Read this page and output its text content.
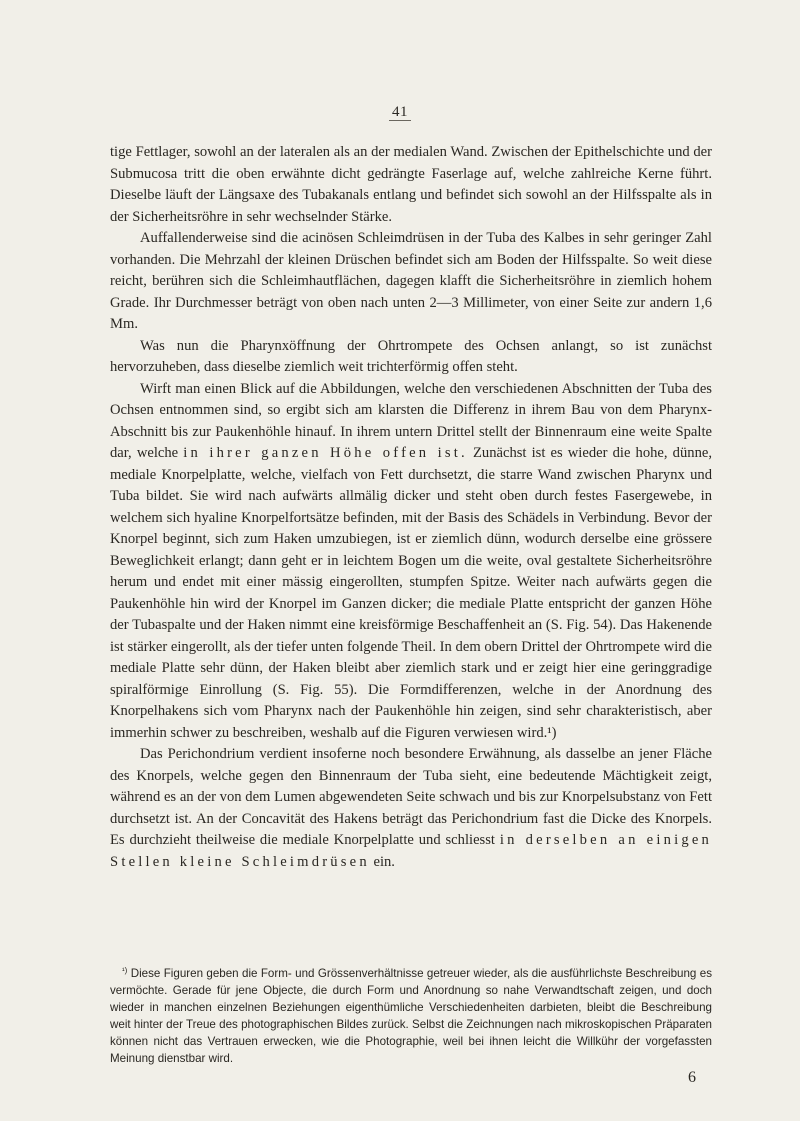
41

tige Fettlager, sowohl an der lateralen als an der medialen Wand. Zwischen der Epithelschichte und der Submucosa tritt die oben erwähnte dicht gedrängte Faserlage auf, welche zahlreiche Kerne führt. Dieselbe läuft der Längsaxe des Tubakanals entlang und befindet sich sowohl an der Hilfsspalte als in der Sicherheitsröhre in sehr wechselnder Stärke.

Auffallenderweise sind die acinösen Schleimdrüsen in der Tuba des Kalbes in sehr geringer Zahl vorhanden. Die Mehrzahl der kleinen Drüschen befindet sich am Boden der Hilfsspalte. So weit diese reicht, berühren sich die Schleimhautflächen, dagegen klafft die Sicherheitsröhre in ziemlich hohem Grade. Ihr Durchmesser beträgt von oben nach unten 2—3 Millimeter, von einer Seite zur andern 1,6 Mm.

Was nun die Pharynxöffnung der Ohrtrompete des Ochsen anlangt, so ist zunächst hervorzuheben, dass dieselbe ziemlich weit trichterförmig offen steht.

Wirft man einen Blick auf die Abbildungen, welche den verschiedenen Abschnitten der Tuba des Ochsen entnommen sind, so ergibt sich am klarsten die Differenz in ihrem Bau von dem Pharynx-Abschnitt bis zur Paukenhöhle hinauf. In ihrem untern Drittel stellt der Binnenraum eine weite Spalte dar, welche in ihrer ganzen Höhe offen ist. Zunächst ist es wieder die hohe, dünne, mediale Knorpelplatte, welche, vielfach von Fett durchsetzt, die starre Wand zwischen Pharynx und Tuba bildet. Sie wird nach aufwärts allmälig dicker und steht oben durch festes Fasergewebe, in welchem sich hyaline Knorpelfortsätze befinden, mit der Basis des Schädels in Verbindung. Bevor der Knorpel beginnt, sich zum Haken umzubiegen, ist er ziemlich dünn, wodurch derselbe eine grössere Beweglichkeit erlangt; dann geht er in leichtem Bogen um die weite, oval gestaltete Sicherheitsröhre herum und endet mit einer mässig eingerollten, stumpfen Spitze. Weiter nach aufwärts gegen die Paukenhöhle hin wird der Knorpel im Ganzen dicker; die mediale Platte entspricht der ganzen Höhe der Tubaspalte und der Haken nimmt eine kreisförmige Beschaffenheit an (S. Fig. 54). Das Hakenende ist stärker eingerollt, als der tiefer unten folgende Theil. In dem obern Drittel der Ohrtrompete wird die mediale Platte sehr dünn, der Haken bleibt aber ziemlich stark und er zeigt hier eine geringgradige spiralförmige Einrollung (S. Fig. 55). Die Formdifferenzen, welche in der Anordnung des Knorpelhakens sich vom Pharynx nach der Paukenhöhle hin zeigen, sind sehr charakteristisch, aber immerhin schwer zu beschreiben, weshalb auf die Figuren verwiesen wird.¹)

Das Perichondrium verdient insoferne noch besondere Erwähnung, als dasselbe an jener Fläche des Knorpels, welche gegen den Binnenraum der Tuba sieht, eine bedeutende Mächtigkeit zeigt, während es an der von dem Lumen abgewendeten Seite schwach und bis zur Knorpelsubstanz von Fett durchsetzt ist. An der Concavität des Hakens beträgt das Perichondrium fast die Dicke des Knorpels. Es durchzieht theilweise die mediale Knorpelplatte und schliesst in derselben an einigen Stellen kleine Schleimdrüsen ein.

$^{^1)}$ Diese Figuren geben die Form- und Grössenverhältnisse getreuer wieder, als die ausführlichste Beschreibung es vermöchte. Gerade für jene Objecte, die durch Form und Anordnung so nahe Verwandtschaft zeigen, und doch wieder in manchen einzelnen Beziehungen eigenthümliche Verschiedenheiten darbieten, bleibt die Beschreibung weit hinter der Treue des photographischen Bildes zurück. Selbst die Zeichnungen nach mikroskopischen Präparaten können nicht das Vertrauen erwecken, wie die Photographie, weil bei ihnen leicht die Willkühr der vorgefassten Meinung dienstbar wird.

6
